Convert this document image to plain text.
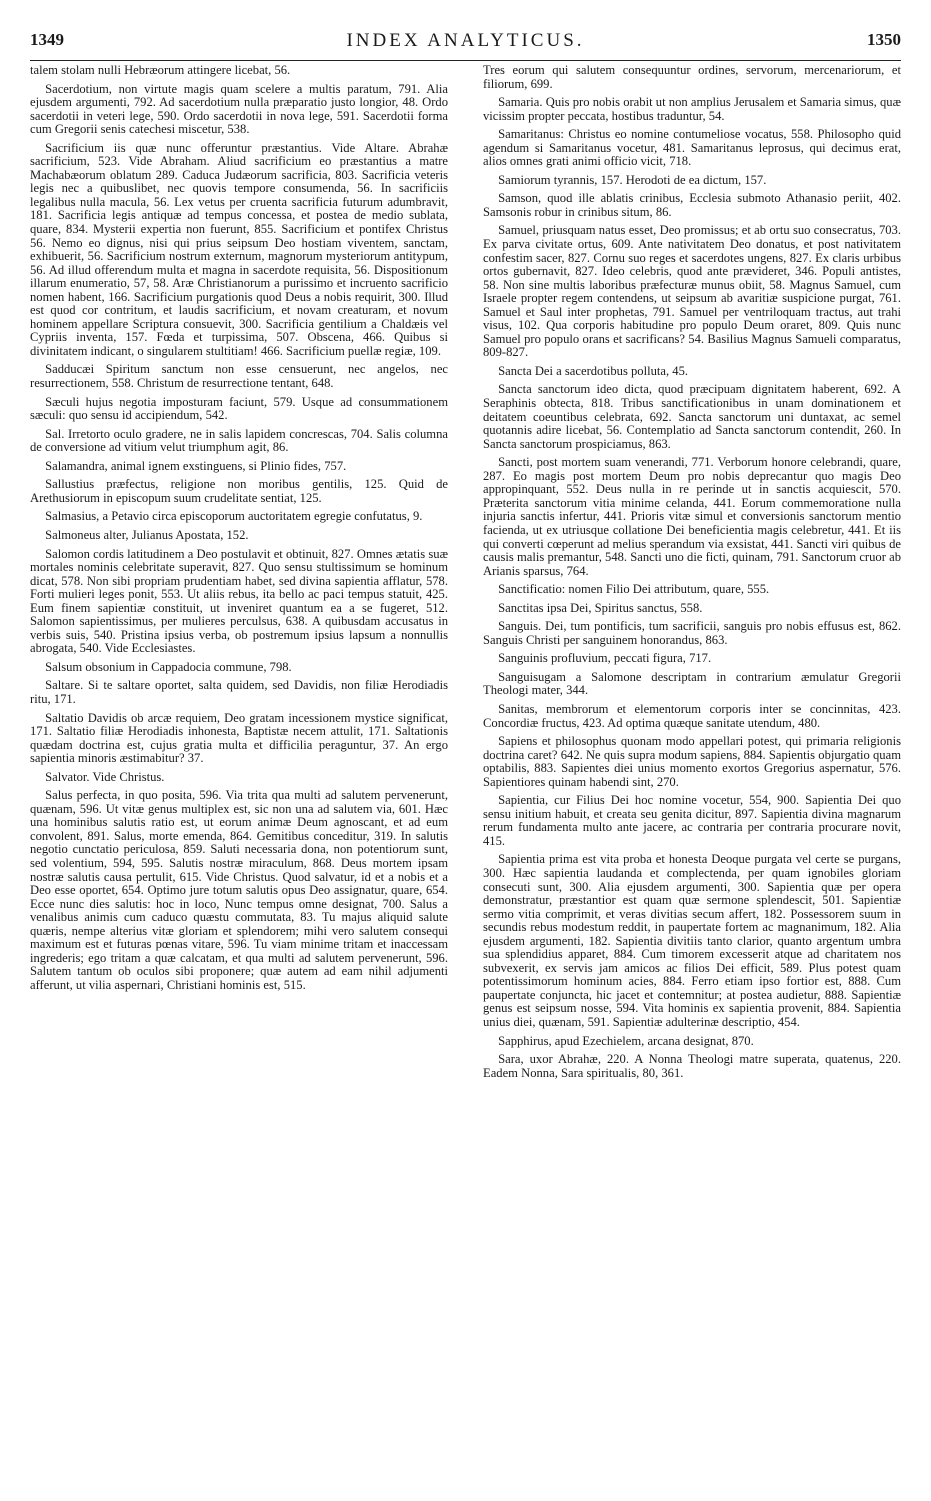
1349	INDEX ANALYTICUS.	1350

talem stolam nulli Hebræorum attingere licebat, 56.

Sacerdotium, non virtute magis quam scelere a multis paratum, 791. Alia ejusdem argumenti, 792. Ad sacerdotium nulla præparatio justo longior, 48. Ordo sacerdotii in veteri lege, 590. Ordo sacerdotii in nova lege, 591. Sacerdotii forma cum Gregorii senis catechesi miscetur, 538.

Sacrificium iis quæ nunc offeruntur præstantius. Vide Altare. Abrahæ sacrificium, 523. Vide Abraham. Aliud sacrificium eo præstantius a matre Machabæorum oblatum 289. Caduca Judæorum sacrificia, 803. Sacrificia veteris legis nec a quibuslibet, nec quovis tempore consumenda, 56. In sacrificiis legalibus nulla macula, 56. Lex vetus per cruenta sacrificia futurum adumbravit, 181. Sacrificia legis antiquæ ad tempus concessa, et postea de medio sublata, quare, 834. Mysterii expertia non fuerunt, 855. Sacrificium et pontifex Christus 56. Nemo eo dignus, nisi qui prius seipsum Deo hostiam viventem, sanctam, exhibuerit, 56. Sacrificium nostrum externum, magnorum mysteriorum antitypum, 56. Ad illud offerendum multa et magna in sacerdote requisita, 56. Dispositionum illarum enumeratio, 57, 58. Aræ Christianorum a purissimo et incruento sacrificio nomen habent, 166. Sacrificium purgationis quod Deus a nobis requirit, 300. Illud est quod cor contritum, et laudis sacrificium, et novam creaturam, et novum hominem appellare Scriptura consuevit, 300. Sacrificia gentilium a Chaldæis vel Cypriis inventa, 157. Fœda et turpissima, 507. Obscena, 466. Quibus si divinitatem indicant, o singularem stultitiam! 466. Sacrificium puellæ regiæ, 109.

Sadducæi Spiritum sanctum non esse censuerunt, nec angelos, nec resurrectionem, 558. Christum de resurrectione tentant, 648.

Sæculi hujus negotia imposturam faciunt, 579. Usque ad consummationem sæculi: quo sensu id accipiendum, 542.

Sal. Irretorto oculo gradere, ne in salis lapidem concrescas, 704. Salis columna de conversione ad vitium velut triumphum agit, 86.

Salamandra, animal ignem exstinguens, si Plinio fides, 757.

Sallustius præfectus, religione non moribus gentilis, 125. Quid de Arethusiorum in episcopum suum crudelitate sentiat, 125.

Salmasius, a Petavio circa episcoporum auctoritatem egregie confutatus, 9.

Salmoneus alter, Julianus Apostata, 152.

Salomon cordis latitudinem a Deo postulavit et obtinuit, 827. Omnes ætatis suæ mortales nominis celebritate superavit, 827. Quo sensu stultissimum se hominum dicat, 578. Non sibi propriam prudentiam habet, sed divina sapientia afflatur, 578. Forti mulieri leges ponit, 553. Ut aliis rebus, ita bello ac paci tempus statuit, 425. Eum finem sapientiæ constituit, ut inveniret quantum ea a se fugeret, 512. Salomon sapientissimus, per mulieres perculsus, 638. A quibusdam accusatus in verbis suis, 540. Pristina ipsius verba, ob postremum ipsius lapsum a nonnullis abrogata, 540. Vide Ecclesiastes.

Salsum obsonium in Cappadocia commune, 798.

Saltare. Si te saltare oportet, salta quidem, sed Davidis, non filiæ Herodiadis ritu, 171.

Saltatio Davidis ob arcæ requiem, Deo gratam incessionem mystice significat, 171. Saltatio filiæ Herodiadis inhonesta, Baptistæ necem attulit, 171. Saltationis quædam doctrina est, cujus gratia multa et difficilia peraguntur, 37. An ergo sapientia minoris æstimabitur? 37.

Salvator. Vide Christus.

Salus perfecta, in quo posita, 596. Via trita qua multi ad salutem pervenerunt, quænam, 596. Ut vitæ genus multiplex est, sic non una ad salutem via, 601. Hæc una hominibus salutis ratio est, ut eorum animæ Deum agnoscant, et ad eum convolent, 891. Salus, morte emenda, 864. Gemitibus conceditur, 319. In salutis negotio cunctatio periculosa, 859. Saluti necessaria dona, non potentiorum sunt, sed volentium, 594, 595. Salutis nostræ miraculum, 868. Deus mortem ipsam nostræ salutis causa pertulit, 615. Vide Christus. Quod salvatur, id et a nobis et a Deo esse oportet, 654. Optimo jure totum salutis opus Deo assignatur, quare, 654. Ecce nunc dies salutis: hoc in loco, Nunc tempus omne designat, 700. Salus a venalibus animis cum caduco quæstu commutata, 83. Tu majus aliquid salute quæris, nempe alterius vitæ gloriam et splendorem; mihi vero salutem consequi maximum est et futuras pœnas vitare, 596. Tu viam minime tritam et inaccessam ingrederis; ego tritam a quæ calcatam, et qua multi ad salutem pervenerunt, 596. Salutem tantum ob oculos sibi proponere; quæ autem ad eam nihil adjumenti afferunt, ut vilia aspernari, Christiani hominis est, 515.

Tres eorum qui salutem consequuntur ordines, servorum, mercenariorum, et filiorum, 699.

Samaria. Quis pro nobis orabit ut non amplius Jerusalem et Samaria simus, quæ vicissim propter peccata, hostibus traduntur, 54.

Samaritanus: Christus eo nomine contumeliose vocatus, 558. Philosopho quid agendum si Samaritanus vocetur, 481. Samaritanus leprosus, qui decimus erat, alios omnes grati animi officio vicit, 718.

Samiorum tyrannis, 157. Herodoti de ea dictum, 157.

Samson, quod ille ablatis crinibus, Ecclesia submoto Athanasio periit, 402. Samsonis robur in crinibus situm, 86.

Samuel, priusquam natus esset, Deo promissus; et ab ortu suo consecratus, 703. Ex parva civitate ortus, 609. Ante nativitatem Deo donatus, et post nativitatem confestim sacer, 827. Cornu suo reges et sacerdotes ungens, 827. Ex claris urbibus ortos gubernavit, 827. Ideo celebris, quod ante prævideret, 346. Populi antistes, 58. Non sine multis laboribus præfecturæ munus obiit, 58. Magnus Samuel, cum Israele propter regem contendens, ut seipsum ab avaritiæ suspicione purgat, 761. Samuel et Saul inter prophetas, 791. Samuel per ventriloquam tractus, aut trahi visus, 102. Qua corporis habitudine pro populo Deum oraret, 809. Quis nunc Samuel pro populo orans et sacrificans? 54. Basilius Magnus Samueli comparatus, 809-827.

Sancta Dei a sacerdotibus polluta, 45.

Sancta sanctorum ideo dicta, quod præcipuam dignitatem haberent, 692. A Seraphinis obtecta, 818. Tribus sanctificationibus in unam dominationem et deitatem coeuntibus celebrata, 692. Sancta sanctorum uni duntaxat, ac semel quotannis adire licebat, 56. Contemplatio ad Sancta sanctorum contendit, 260. In Sancta sanctorum prospiciamus, 863.

Sancti, post mortem suam venerandi, 771. Verborum honore celebrandi, quare, 287. Eo magis post mortem Deum pro nobis deprecantur quo magis Deo appropinquant, 552. Deus nulla in re perinde ut in sanctis acquiescit, 570. Præterita sanctorum vitia minime celanda, 441. Eorum commemoratione nulla injuria sanctis infertur, 441. Prioris vitæ simul et conversionis sanctorum mentio facienda, ut ex utriusque collatione Dei beneficientia magis celebretur, 441. Et iis qui converti cœperunt ad melius sperandum via exsistat, 441. Sancti viri quibus de causis malis premantur, 548. Sancti uno die ficti, quinam, 791. Sanctorum cruor ab Arianis sparsus, 764.

Sanctificatio: nomen Filio Dei attributum, quare, 555.

Sanctitas ipsa Dei, Spiritus sanctus, 558.

Sanguis. Dei, tum pontificis, tum sacrificii, sanguis pro nobis effusus est, 862. Sanguis Christi per sanguinem honorandus, 863.

Sanguinis profluvium, peccati figura, 717.

Sanguisugam a Salomone descriptam in contrarium æmulatur Gregorii Theologi mater, 344.

Sanitas, membrorum et elementorum corporis inter se concinnitas, 423. Concordiæ fructus, 423. Ad optima quæque sanitate utendum, 480.

Sapiens et philosophus quonam modo appellari potest, qui primaria religionis doctrina caret? 642. Ne quis supra modum sapiens, 884. Sapientis objurgatio quam optabilis, 883. Sapientes diei unius momento exortos Gregorius aspernatur, 576. Sapientiores quinam habendi sint, 270.

Sapientia, cur Filius Dei hoc nomine vocetur, 554, 900. Sapientia Dei quo sensu initium habuit, et creata seu genita dicitur, 897. Sapientia divina magnarum rerum fundamenta multo ante jacere, ac contraria per contraria procurare novit, 415.

Sapientia prima est vita proba et honesta Deoque purgata vel certe se purgans, 300. Hæc sapientia laudanda et complectenda, per quam ignobiles gloriam consecuti sunt, 300. Alia ejusdem argumenti, 300. Sapientia quæ per opera demonstratur, præstantior est quam quæ sermone splendescit, 501. Sapientiæ sermo vitia comprimit, et veras divitias secum affert, 182. Possessorem suum in secundis rebus modestum reddit, in paupertate fortem ac magnanimum, 182. Alia ejusdem argumenti, 182. Sapientia divitiis tanto clarior, quanto argentum umbra sua splendidius apparet, 884. Cum timorem excesserit atque ad charitatem nos subvexerit, ex servis jam amicos ac filios Dei efficit, 589. Plus potest quam potentissimorum hominum acies, 884. Ferro etiam ipso fortior est, 888. Cum paupertate conjuncta, hic jacet et contemnitur; at postea audietur, 888. Sapientiæ genus est seipsum nosse, 594. Vita hominis ex sapientia provenit, 884. Sapientia unius diei, quænam, 591. Sapientiæ adulterinæ descriptio, 454.

Sapphirus, apud Ezechielem, arcana designat, 870.

Sara, uxor Abrahæ, 220. A Nonna Theologi matre superata, quatenus, 220. Eadem Nonna, Sara spiritualis, 80, 361.
